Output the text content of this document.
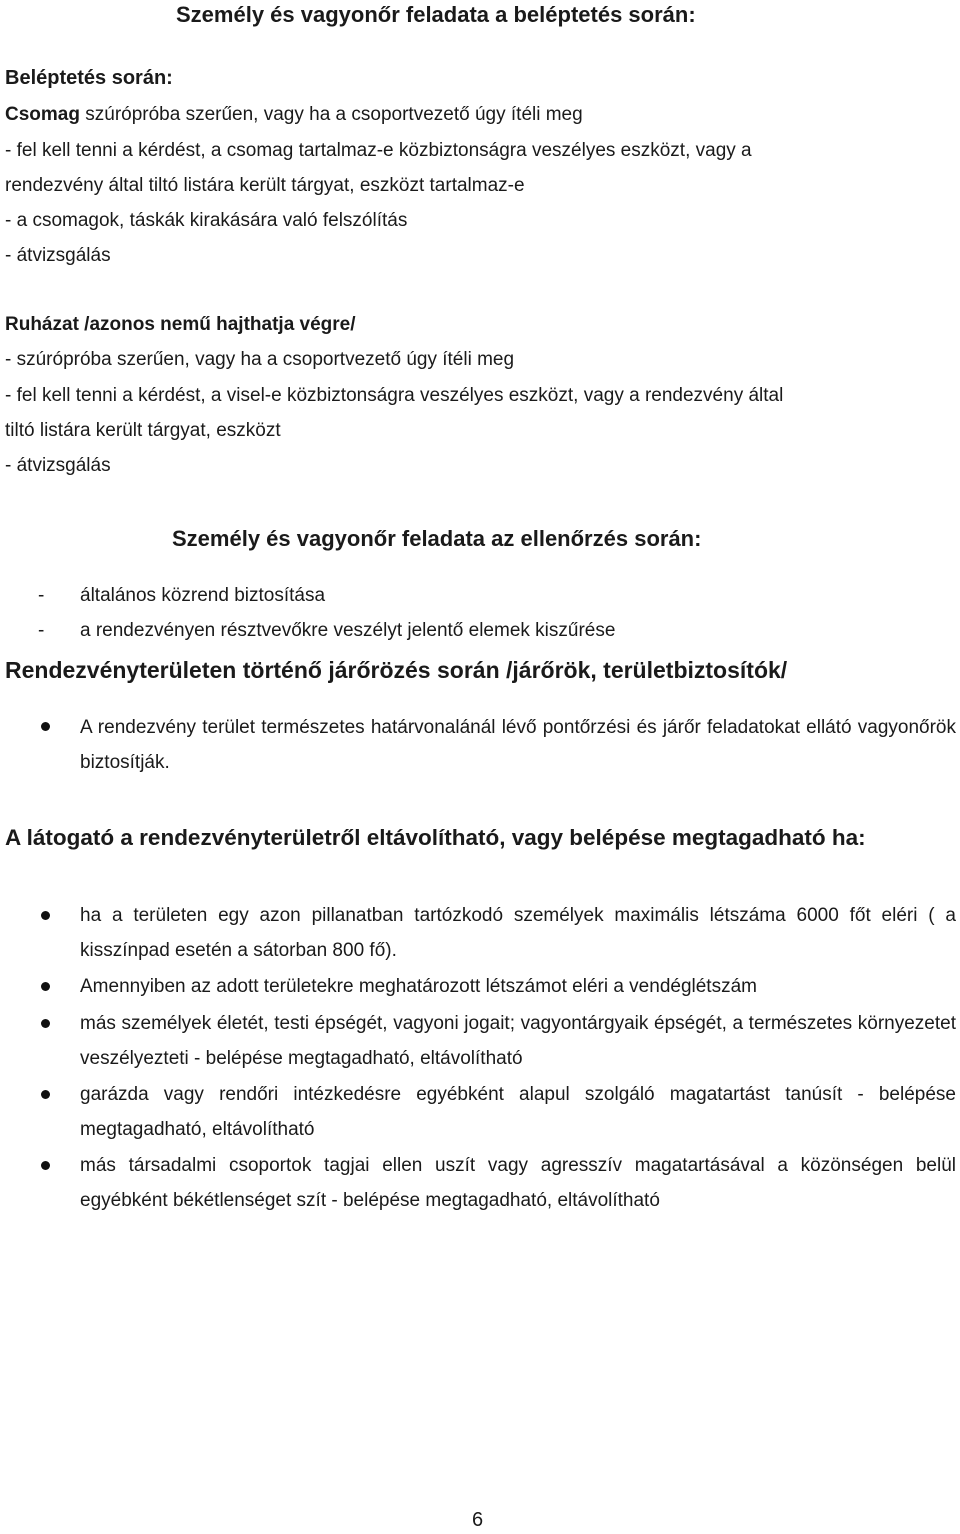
Személy és vagyonőr feladata a beléptetés során:
Beléptetés során:
Csomag szúrópróba szerűen, vagy ha a csoportvezető úgy ítéli meg
- fel kell tenni a kérdést, a csomag tartalmaz-e közbiztonságra veszélyes eszközt, vagy a
rendezvény által tiltó listára került tárgyat, eszközt tartalmaz-e
- a csomagok, táskák kirakására való felszólítás
- átvizsgálás
Ruházat /azonos nemű hajthatja végre/
- szúrópróba szerűen, vagy ha a csoportvezető úgy ítéli meg
- fel kell tenni a kérdést, a visel-e közbiztonságra veszélyes eszközt, vagy a rendezvény által
tiltó listára került tárgyat, eszközt
- átvizsgálás
Személy és vagyonőr feladata az ellenőrzés során:
- általános közrend biztosítása
- a rendezvényen résztvevőkre veszélyt jelentő elemek kiszűrése
Rendezvényterületen történő járőrözés során /járőrök, területbiztosítók/
A rendezvény terület természetes határvonalánál lévő pontőrzési és járőr feladatokat ellátó vagyonőrök biztosítják.
A látogató a rendezvényterületről eltávolítható, vagy belépése megtagadható ha:
ha a területen egy azon pillanatban tartózkodó személyek maximális létszáma 6000 főt eléri ( a kisszínpad esetén a sátorban 800 fő).
Amennyiben az adott területekre meghatározott létszámot eléri a vendéglétszám
más személyek életét, testi épségét, vagyoni jogait; vagyontárgyaik épségét, a természetes környezetet veszélyezteti - belépése megtagadható, eltávolítható
garázda vagy rendőri intézkedésre egyébként alapul szolgáló magatartást tanúsít - belépése megtagadható, eltávolítható
más társadalmi csoportok tagjai ellen uszít vagy agresszív magatartásával a közönségen belül egyébként békétlenséget szít - belépése megtagadható, eltávolítható
6
